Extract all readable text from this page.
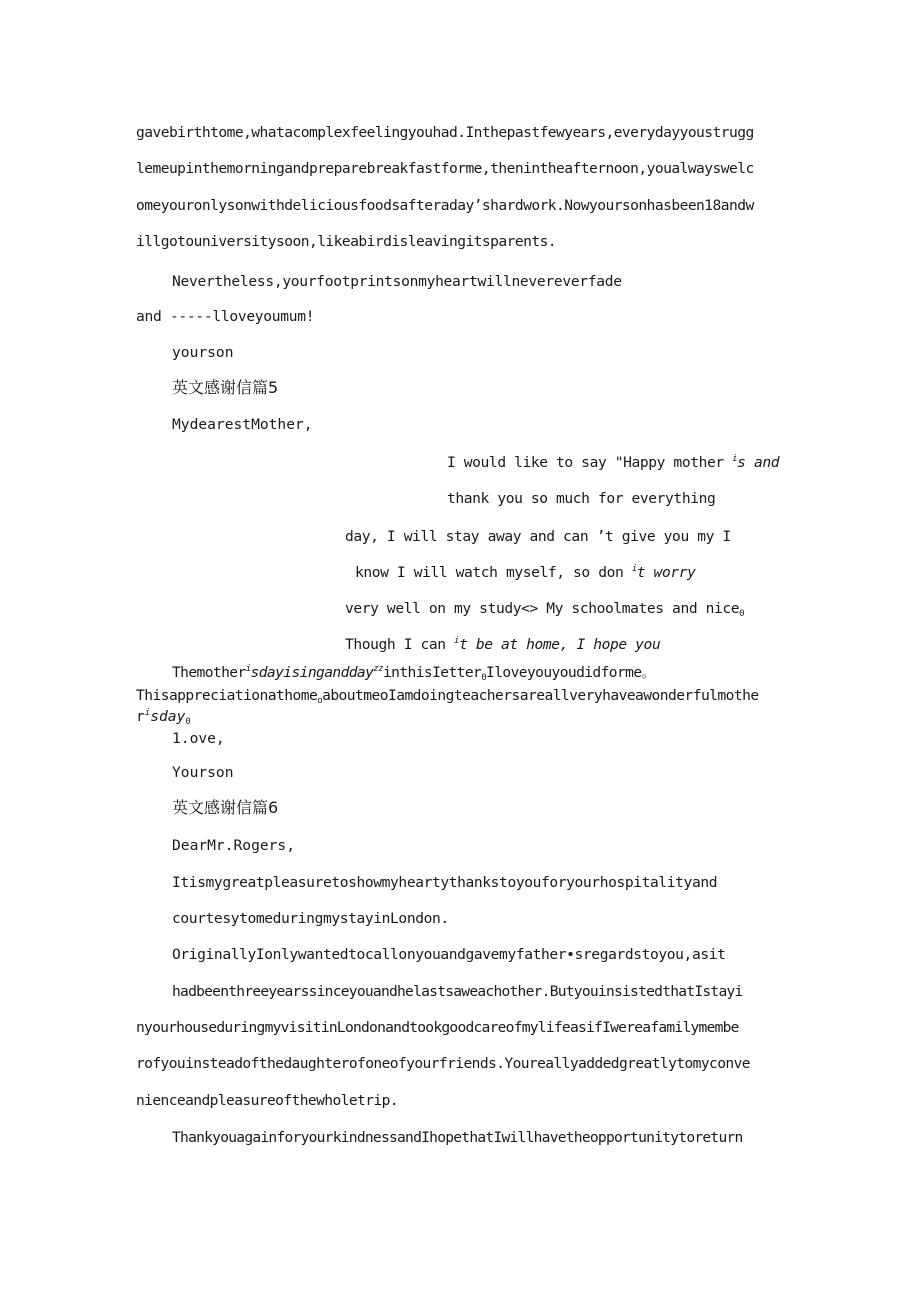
gavebirthtome,whatacomplexfeelingyouhad.Inthepastfewyears,everydayyoustrugg
lemeupinthemorningandpreparebreakfastforme,thenintheafternoon,youalwayswelc
omeyouronlysonwithdeliciousfoodsafteraday’shardwork.Nowyoursonhasbeen18andw
illgotouniversitysoon,likeabirdisleavingitsparents.
Nevertheless,yourfootprintsonmyheartwillnevereverfade
and -----lloveyoumum!
yourson
英文感谢信篇5
MydearestMother,
I would like to say "Happy mother $^i$s and
thank you so much for everything
day, I will stay away and can ’t give you my I
know I will watch myself, so don $^i$t worry
very well on my study<> My schoolmates and nice$_0$
Though I can $^i$t be at home, I hope you
Themother$^i$sdayisingandday$^{zz}$inthisIetter$_0$Iloveyouyoudidforme。
Thisappreciationathome$_o$aboutmeoIamdoingteachersareallveryhaveawonderfulmothe
$r^isday_0$
1.ove,
Yourson
英文感谢信篇6
DearMr.Rogers,
Itismygreatpleasuretoshowmyheartythankstoyouforyourhospitalityand
courtesytomeduringmystayinLondon.
OriginallyIonlywantedtocallonyouandgavemyfather∙sregardstoyou,asit
hadbeenthreeyearssinceyouandhelastsaweachother.ButyouinsistedthatIstayi
nyourhouseduringmyvisitinLondonandtookgoodcareofmylifeasifIwereafamilymembe
rofyouinsteadofthedaughterofoneofyourfriends.Youreallyaddedgreatlytomyconve
nienceandpleasureofthewholetrip.
ThankyouagainforyourkindnessandIhopethatIwillhavetheopportunitytoreturn
